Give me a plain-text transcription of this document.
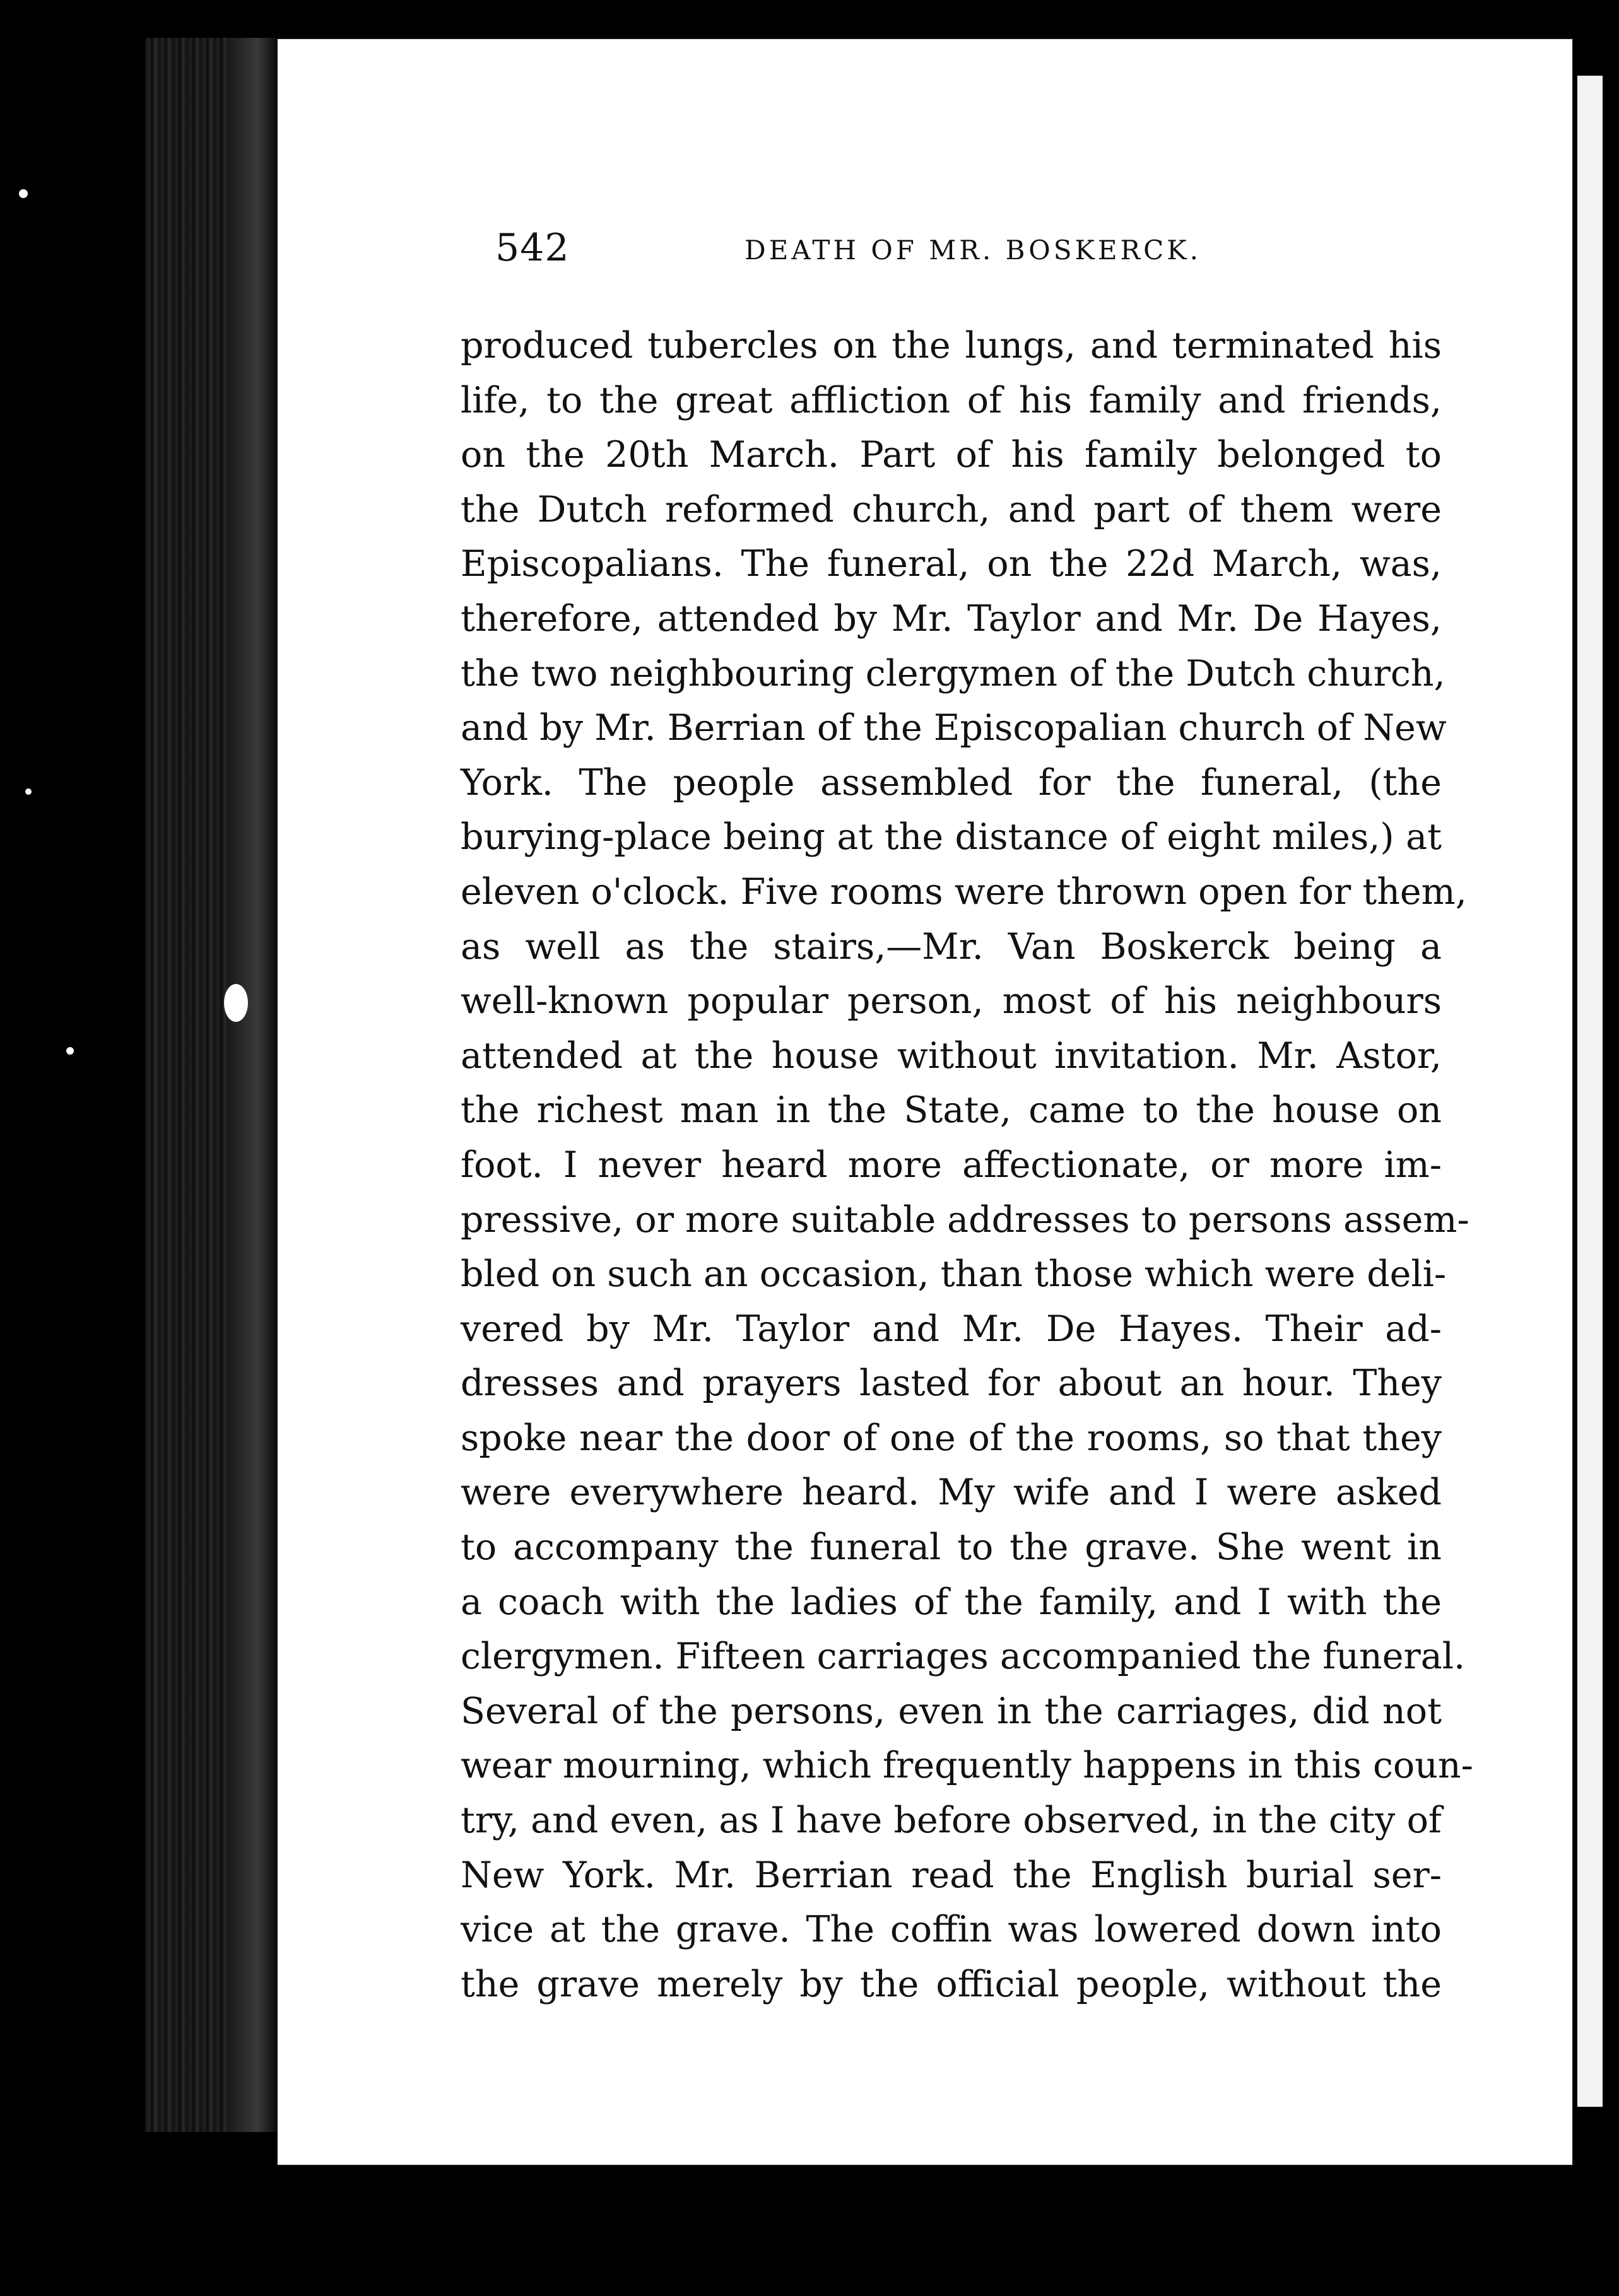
542	DEATH OF MR. BOSKERCK.
produced tubercles on the lungs, and terminated his
life, to the great affliction of his family and friends,
on the 20th March. Part of his family belonged to
the Dutch reformed church, and part of them were
Episcopalians. The funeral, on the 22d March, was,
therefore, attended by Mr. Taylor and Mr. De Hayes,
the two neighbouring clergymen of the Dutch church,
and by Mr. Berrian of the Episcopalian church of New
York. The people assembled for the funeral, (the
burying-place being at the distance of eight miles,) at
eleven o'clock. Five rooms were thrown open for them,
as well as the stairs,—Mr. Van Boskerck being a
well-known popular person, most of his neighbours
attended at the house without invitation. Mr. Astor,
the richest man in the State, came to the house on
foot. I never heard more affectionate, or more im-
pressive, or more suitable addresses to persons assem-
bled on such an occasion, than those which were deli-
vered by Mr. Taylor and Mr. De Hayes. Their ad-
dresses and prayers lasted for about an hour. They
spoke near the door of one of the rooms, so that they
were everywhere heard. My wife and I were asked
to accompany the funeral to the grave. She went in
a coach with the ladies of the family, and I with the
clergymen. Fifteen carriages accompanied the funeral.
Several of the persons, even in the carriages, did not
wear mourning, which frequently happens in this coun-
try, and even, as I have before observed, in the city of
New York. Mr. Berrian read the English burial ser-
vice at the grave. The coffin was lowered down into
the grave merely by the official people, without the
